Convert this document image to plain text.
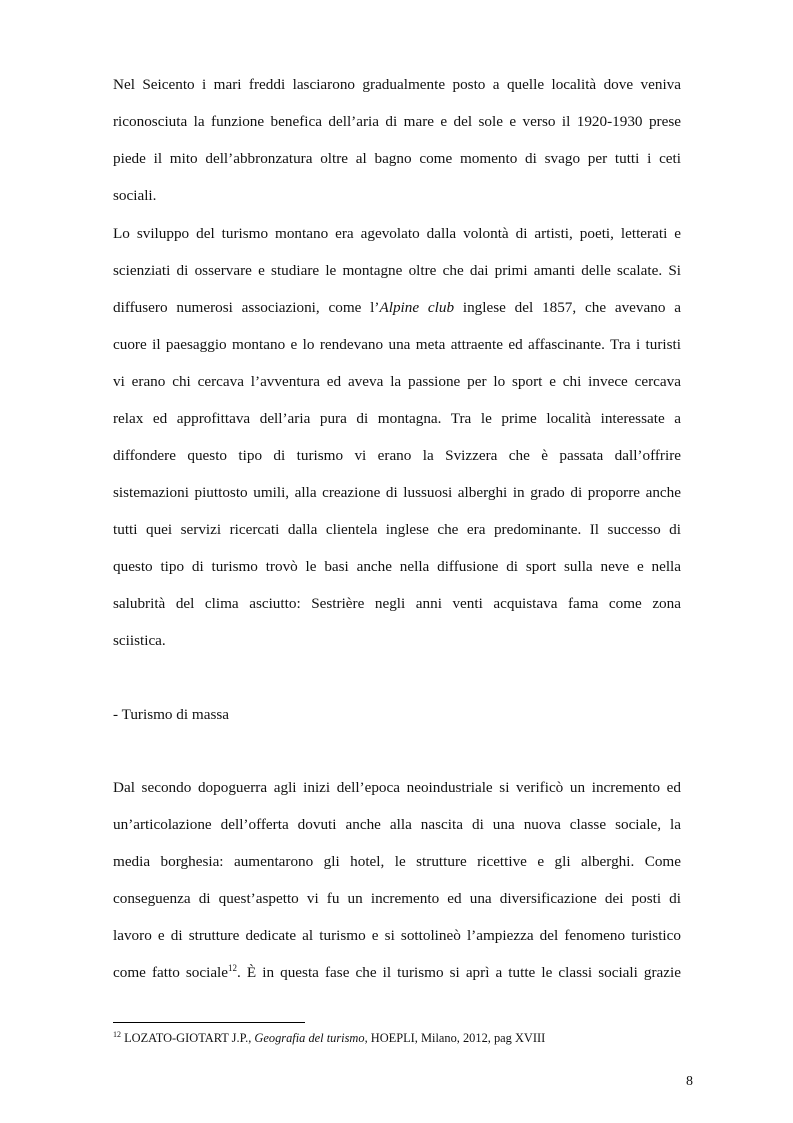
Nel Seicento i mari freddi lasciarono gradualmente posto a quelle località dove veniva
riconosciuta la funzione benefica dell’aria di mare e del sole e verso il 1920-1930 prese
piede il mito dell’abbronzatura oltre al bagno come momento di svago per tutti i ceti
sociali.
Lo sviluppo del turismo montano era agevolato dalla volontà di artisti, poeti, letterati e
scienziati di osservare e studiare le montagne oltre che dai primi amanti delle scalate. Si
diffusero numerosi associazioni, come l’Alpine club inglese del 1857, che avevano a
cuore il paesaggio montano e lo rendevano una meta attraente ed affascinante. Tra i turisti
vi erano chi cercava l’avventura ed aveva la passione per lo sport e chi invece cercava
relax ed approfittava dell’aria pura di montagna. Tra le prime località interessate a
diffondere questo tipo di turismo vi erano la Svizzera che è passata dall’offrire
sistemazioni piuttosto umili, alla creazione di lussuosi alberghi in grado di proporre anche
tutti quei servizi ricercati dalla clientela inglese che era predominante. Il successo di
questo tipo di turismo trovò le basi anche nella diffusione di sport sulla neve e nella
salubrità del clima asciutto: Sestrière negli anni venti acquistava fama come zona
sciistica.
- Turismo di massa
Dal secondo dopoguerra agli inizi dell’epoca neoindustriale si verificò un incremento ed
un’articolazione dell’offerta dovuti anche alla nascita di una nuova classe sociale, la
media borghesia: aumentarono gli hotel, le strutture ricettive e gli alberghi. Come
conseguenza di quest’aspetto vi fu un incremento ed una diversificazione dei posti di
lavoro e di strutture dedicate al turismo e si sottolineò l’ampiezza del fenomeno turistico
come fatto sociale$^{12}$. È in questa fase che il turismo si aprì a tutte le classi sociali grazie
$^{12}$ LOZATO-GIOTART J.P., Geografia del turismo, HOEPLI, Milano, 2012, pag XVIII
8
